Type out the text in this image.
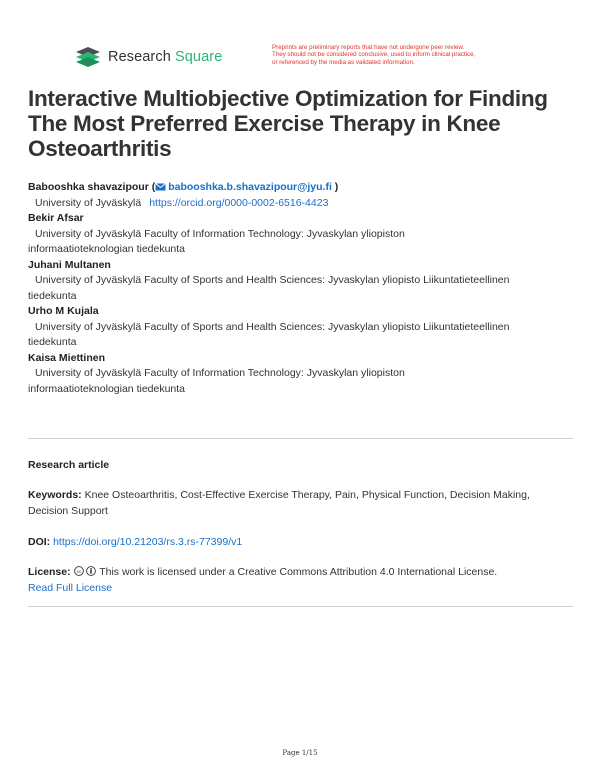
Research Square
Preprints are preliminary reports that have not undergone peer review.
They should not be considered conclusive, used to inform clinical practice,
or referenced by the media as validated information.
Interactive Multiobjective Optimization for Finding The Most Preferred Exercise Therapy in Knee Osteoarthritis
Babooshka shavazipour ( babooshka.b.shavazipour@jyu.fi )
University of Jyväskylä https://orcid.org/0000-0002-6516-4423
Bekir Afsar
University of Jyväskylä Faculty of Information Technology: Jyvaskylan yliopiston
informaatioteknologian tiedekunta
Juhani Multanen
University of Jyväskylä Faculty of Sports and Health Sciences: Jyvaskylan yliopisto Liikuntatieteellinen
tiedekunta
Urho M Kujala
University of Jyväskylä Faculty of Sports and Health Sciences: Jyvaskylan yliopisto Liikuntatieteellinen
tiedekunta
Kaisa Miettinen
University of Jyväskylä Faculty of Information Technology: Jyvaskylan yliopiston
informaatioteknologian tiedekunta
Research article
Keywords: Knee Osteoarthritis, Cost-Effective Exercise Therapy, Pain, Physical Function, Decision Making,
Decision Support
DOI: https://doi.org/10.21203/rs.3.rs-77399/v1
License: cc This work is licensed under a Creative Commons Attribution 4.0 International License.
Read Full License
Page 1/15
